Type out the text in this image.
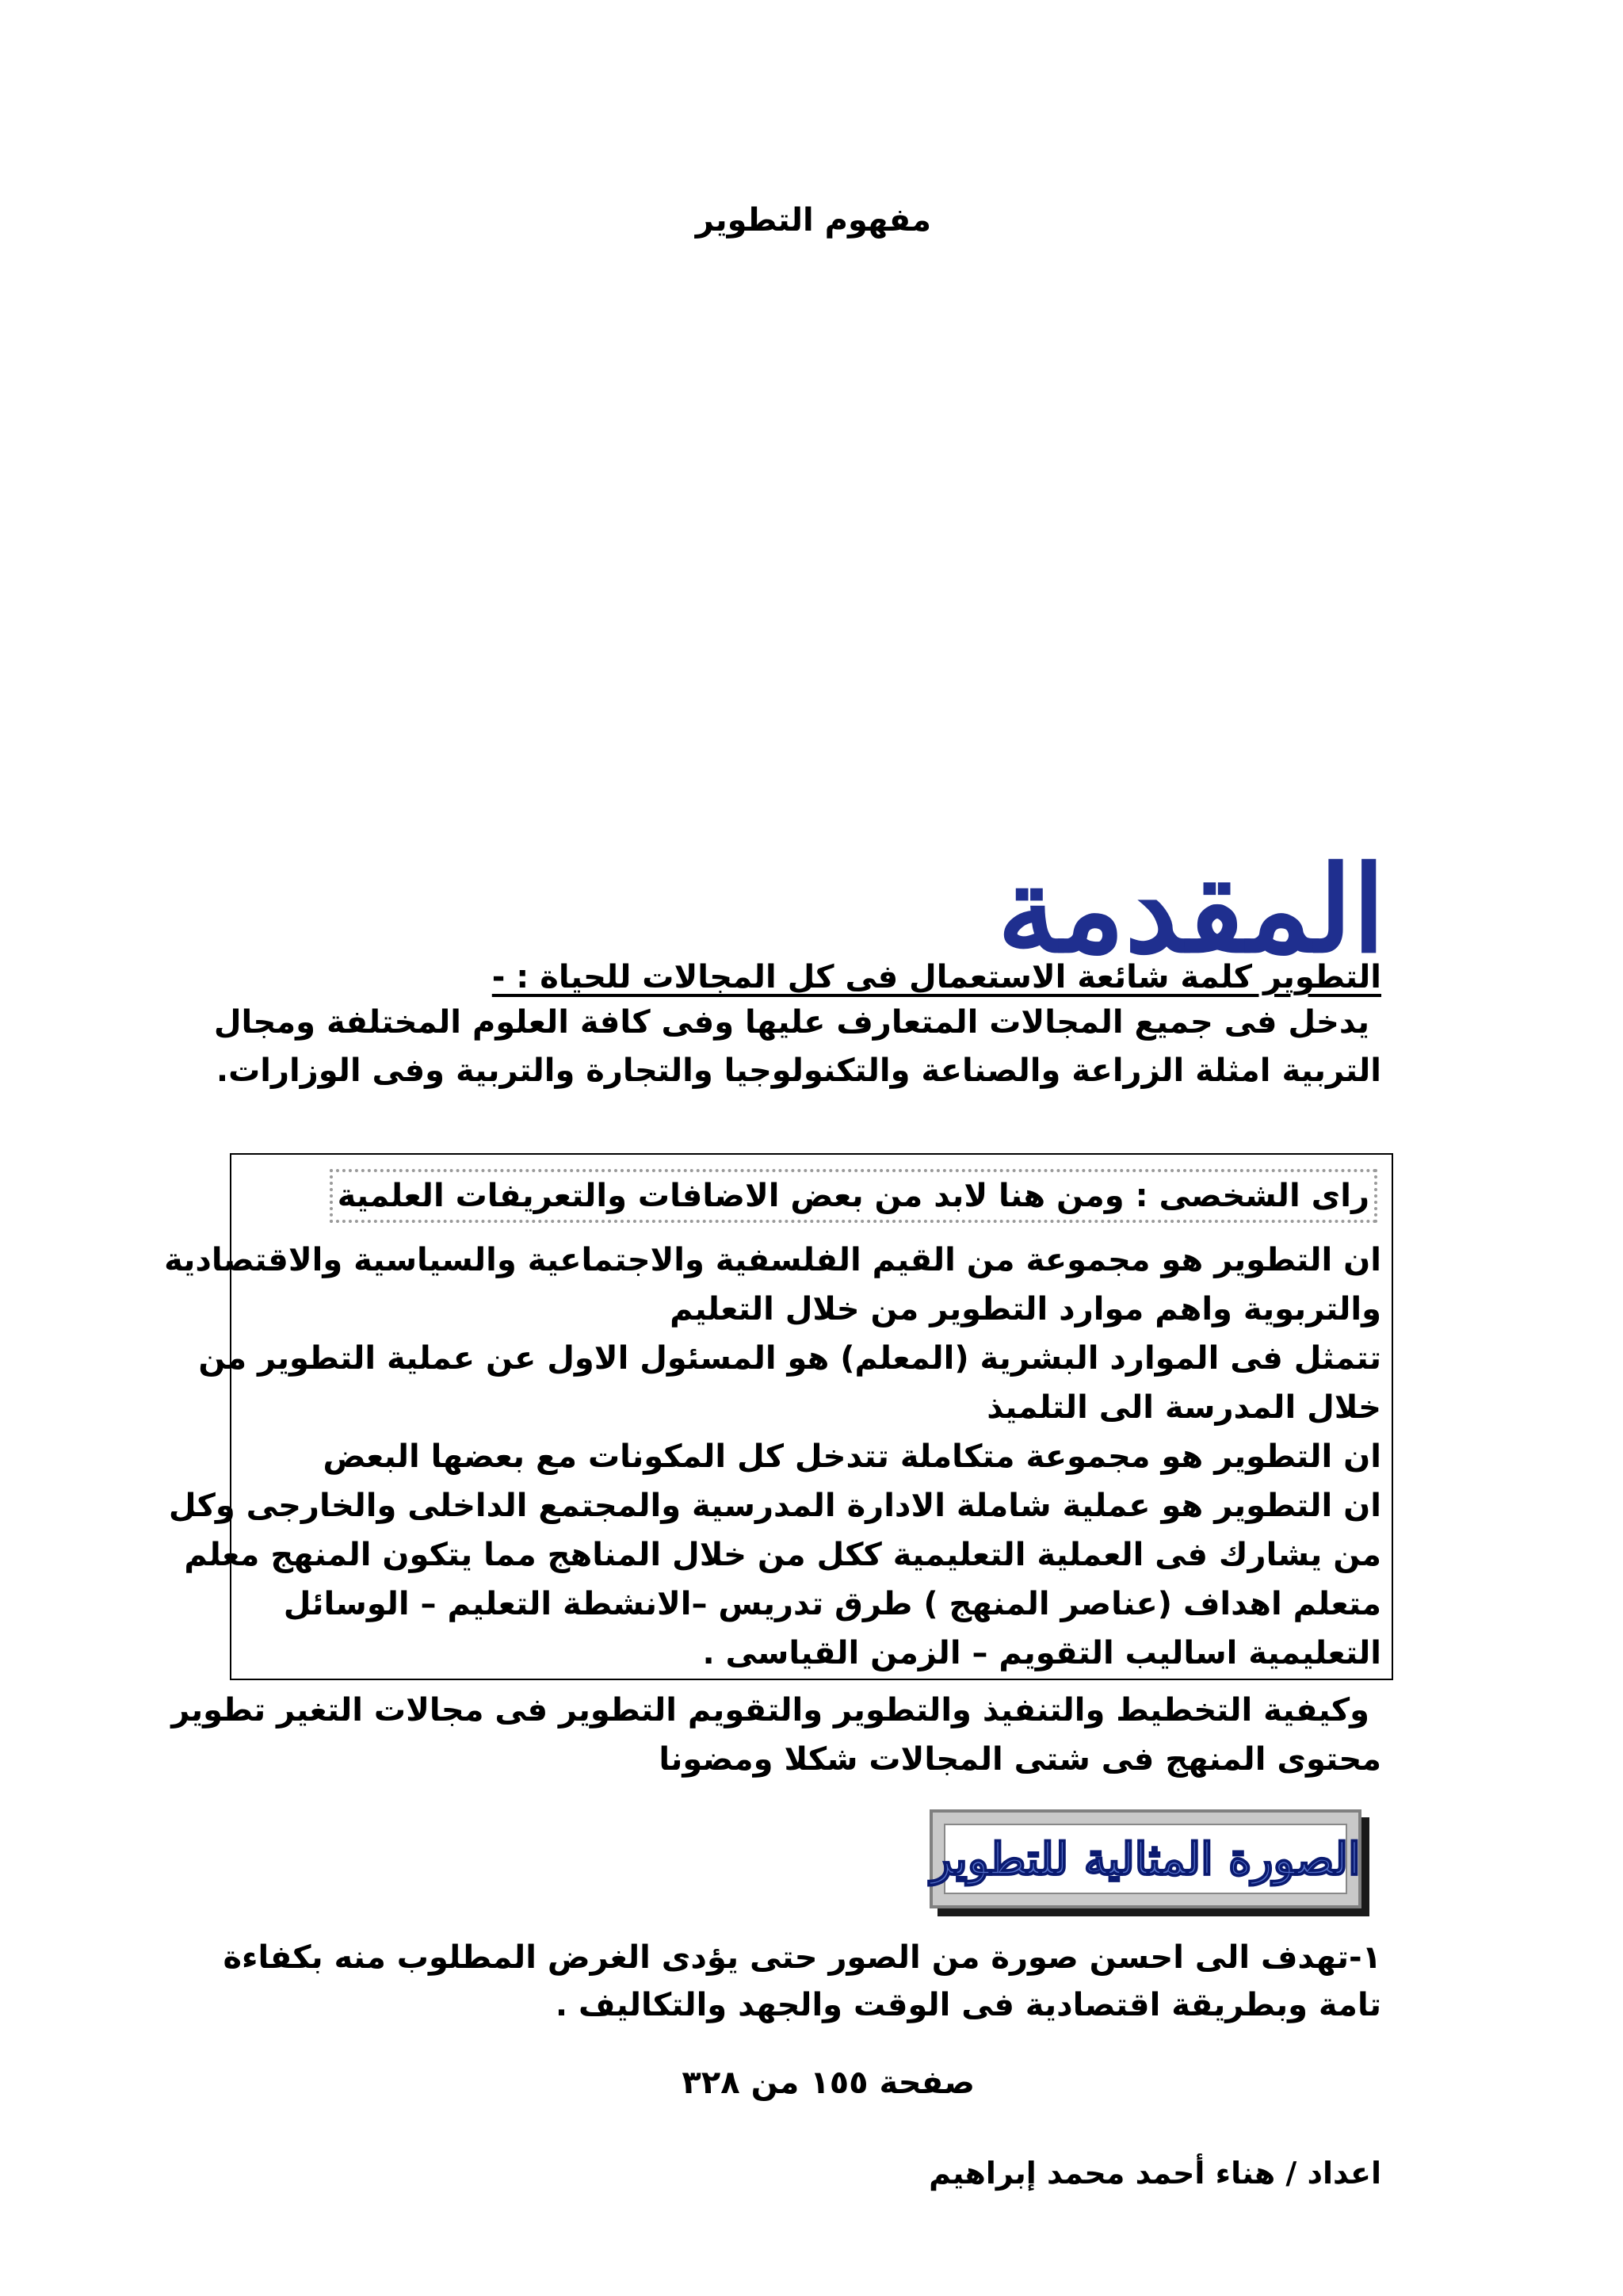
مفهوم التطوير
المقدمة
التطوير كلمة شائعة الاستعمال فى كل المجالات للحياة : -
يدخل فى جميع المجالات المتعارف عليها وفى كافة العلوم المختلفة ومجال
التربية امثلة الزراعة والصناعة والتكنولوجيا والتجارة والتربية وفى الوزارات.
راى الشخصى : ومن هنا لابد من بعض الاضافات والتعريفات العلمية
ان التطوير هو مجموعة من القيم الفلسفية والاجتماعية والسياسية والاقتصادية
والتربوية واهم موارد التطوير من خلال التعليم
تتمثل فى الموارد البشرية (المعلم) هو المسئول الاول عن عملية التطوير من
خلال المدرسة الى التلميذ
ان التطوير هو مجموعة متكاملة تتدخل كل المكونات مع بعضها البعض
ان التطوير هو عملية شاملة الادارة المدرسية والمجتمع الداخلى والخارجى وكل
من يشارك فى العملية التعليمية ككل من خلال المناهج مما يتكون المنهج معلم
متعلم اهداف (عناصر المنهج ) طرق تدريس –الانشطة التعليم – الوسائل
التعليمية اساليب التقويم – الزمن القياسى .
وكيفية التخطيط والتنفيذ والتطوير والتقويم التطوير فى مجالات التغير تطوير
محتوى المنهج فى شتى المجالات شكلا ومضونا
الصورة المثالية للتطوير
١-تهدف الى احسن صورة من الصور حتى يؤدى الغرض المطلوب منه بكفاءة
تامة وبطريقة اقتصادية فى الوقت والجهد والتكاليف .
صفحة ١٥٥ من ٣٢٨
اعداد / هناء أحمد محمد إبراهيم
